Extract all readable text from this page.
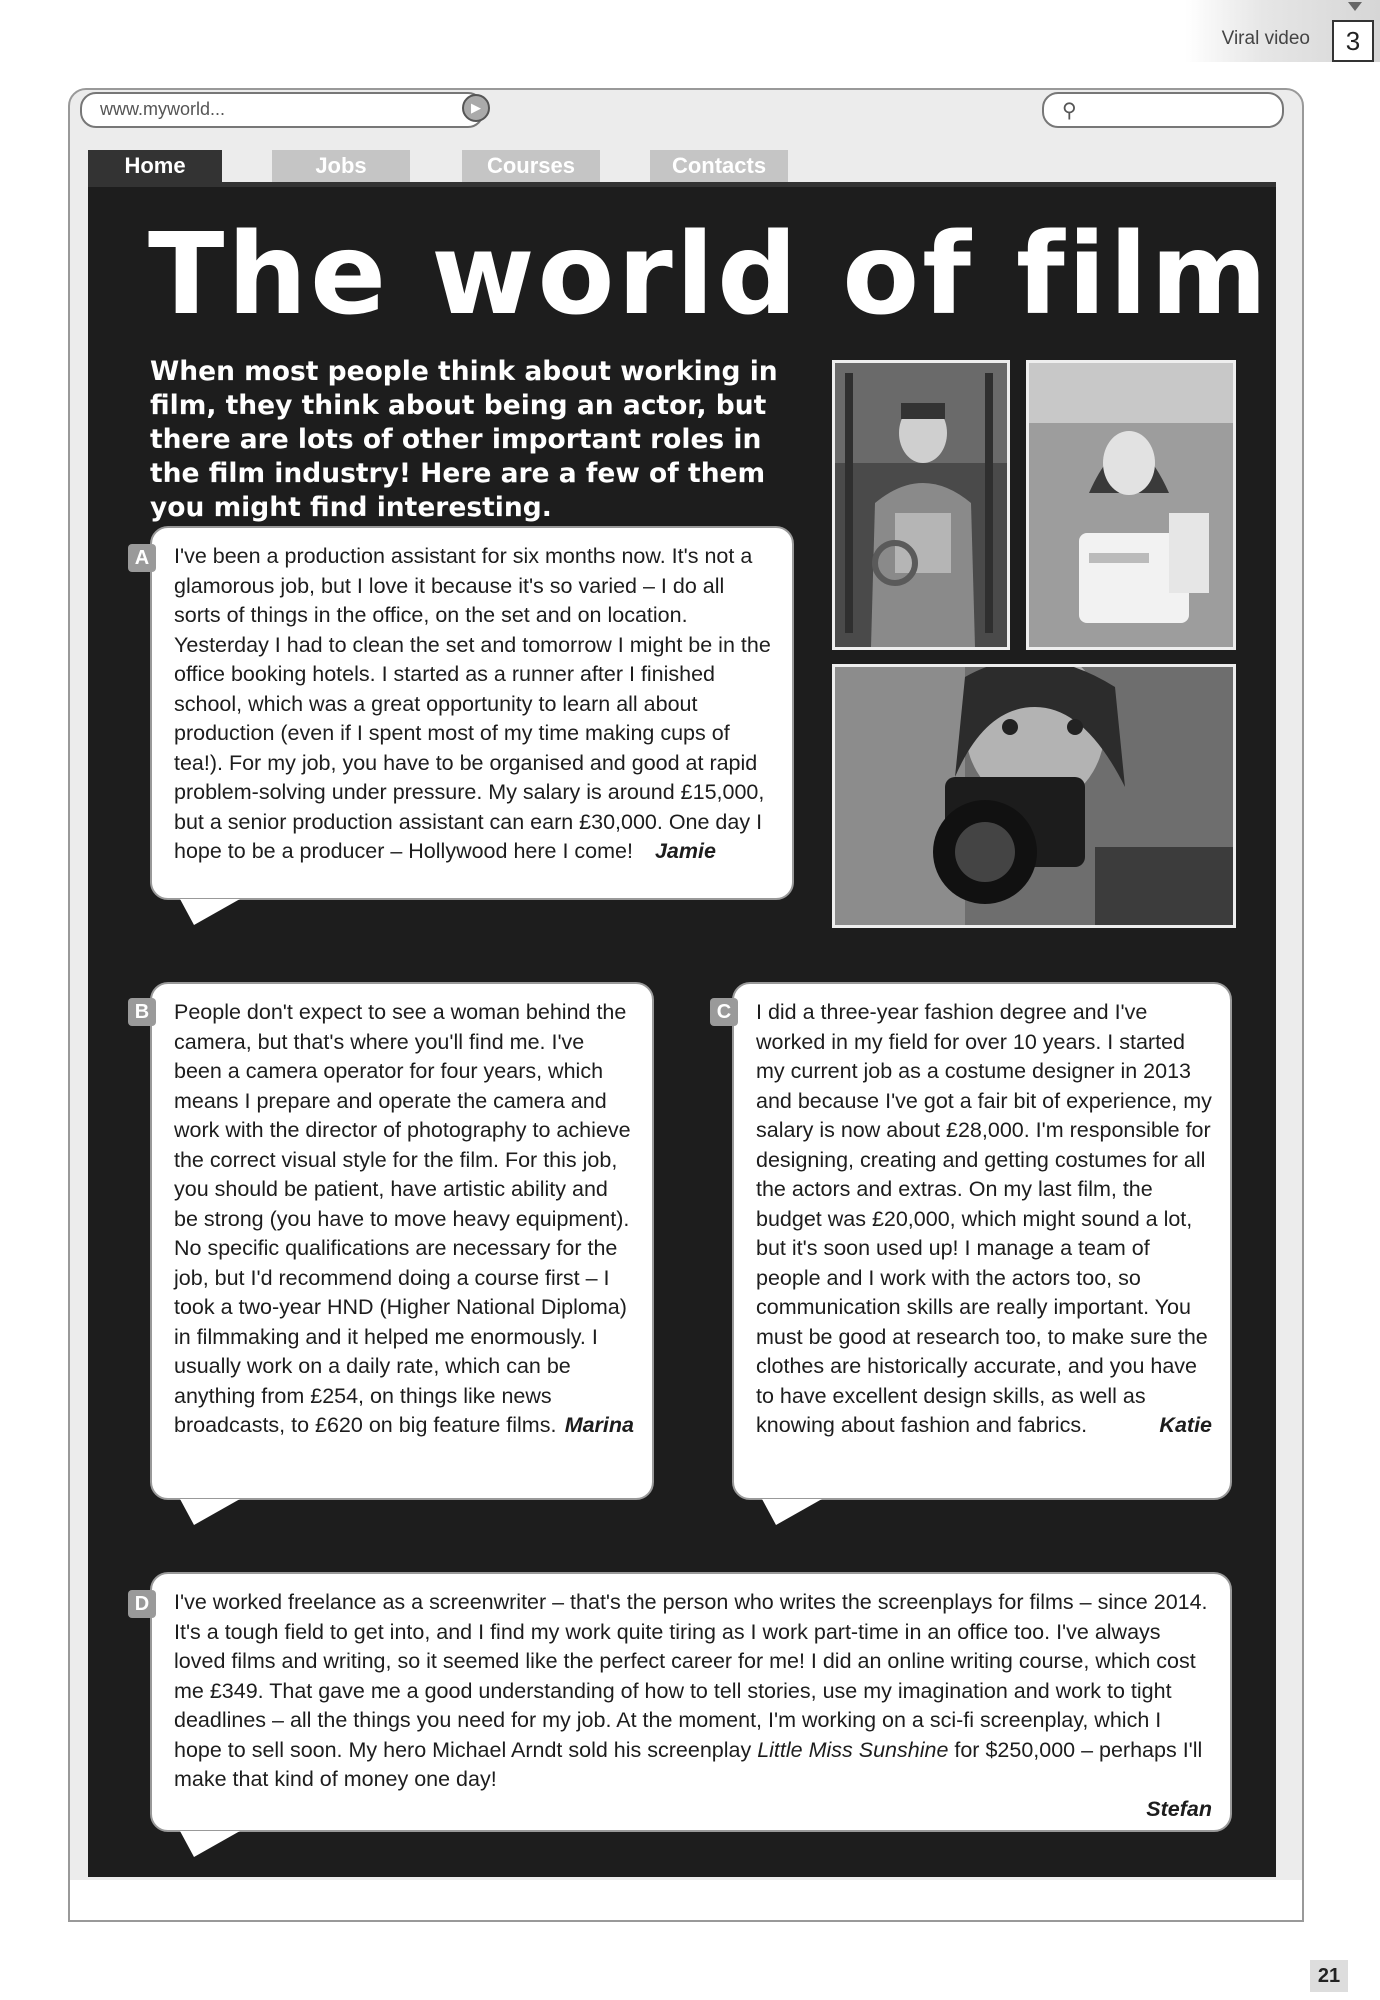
Viral video	3
www.myworld...	▶	⚲
Home	Jobs	Courses	Contacts
The world of film

When most people think about working in film, they think about being an actor, but there are lots of other important roles in the film industry! Here are a few of them you might find interesting.

I've been a production assistant for six months now. It's not a glamorous job, but I love it because it's so varied – I do all sorts of things in the office, on the set and on location. Yesterday I had to clean the set and tomorrow I might be in the office booking hotels. I started as a runner after I finished school, which was a great opportunity to learn all about production (even if I spent most of my time making cups of tea!). For my job, you have to be organised and good at rapid problem-solving under pressure. My salary is around £15,000, but a senior production assistant can earn £30,000. One day I hope to be a producer – Hollywood here I come! Jamie

A

People don't expect to see a woman behind the camera, but that's where you'll find me. I've been a camera operator for four years, which means I prepare and operate the camera and work with the director of photography to achieve the correct visual style for the film. For this job, you should be patient, have artistic ability and be strong (you have to move heavy equipment). No specific qualifications are necessary for the job, but I'd recommend doing a course first – I took a two-year HND (Higher National Diploma) in filmmaking and it helped me enormously. I usually work on a daily rate, which can be anything from £254, on things like news broadcasts, to £620 on big feature films. Marina

B	I did a three-year fashion degree and I've worked in my field for over 10 years. I started my current job as a costume designer in 2013 and because I've got a fair bit of experience, my salary is now about £28,000. I'm responsible for designing, creating and getting costumes for all the actors and extras. On my last film, the budget was £20,000, which might sound a lot, but it's soon used up! I manage a team of people and I work with the actors too, so communication skills are really important. You must be good at research too, to make sure the clothes are historically accurate, and you have to have excellent design skills, as well as knowing about fashion and fabrics.	Katie

C

I've worked freelance as a screenwriter – that's the person who writes the screenplays for films – since 2014. It's a tough field to get into, and I find my work quite tiring as I work part-time in an office too. I've always loved films and writing, so it seemed like the perfect career for me! I did an online writing course, which cost me £349. That gave me a good understanding of how to tell stories, use my imagination and work to tight deadlines – all the things you need for my job. At the moment, I'm working on a sci-fi screenplay, which I hope to sell soon. My hero Michael Arndt sold his screenplay Little Miss Sunshine for $250,000 – perhaps I'll make that kind of money one day!

Stefan

D
21
